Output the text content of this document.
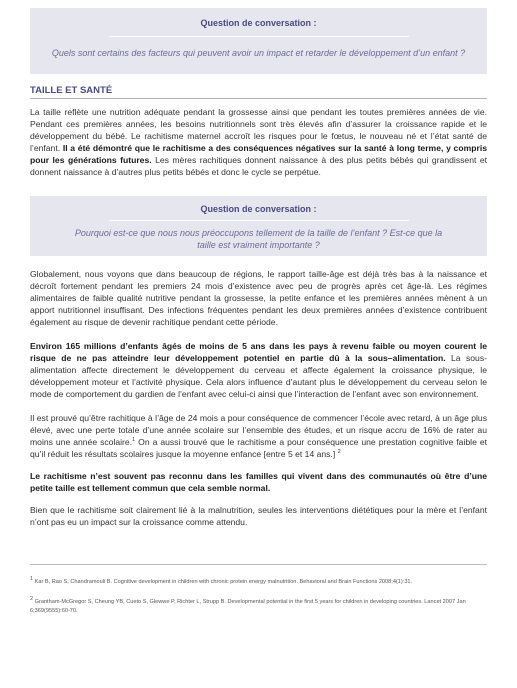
Question de conversation :
Quels sont certains des facteurs qui peuvent avoir un impact et retarder le développement d’un enfant ?
TAILLE ET SANTÉ
La taille reflète une nutrition adéquate pendant la grossesse ainsi que pendant les toutes premières années de vie. Pendant ces premières années, les besoins nutritionnels sont très élevés afin d’assurer la croissance rapide et le développement du bébé. Le rachitisme maternel accroît les risques pour le fœtus, le nouveau né et l’état santé de l’enfant. Il a été démontré que le rachitisme a des conséquences négatives sur la santé à long terme, y compris pour les générations futures. Les mères rachitiques donnent naissance à des plus petits bébés qui grandissent et donnent naissance à d’autres plus petits bébés et donc le cycle se perpétue.
Question de conversation :
Pourquoi est-ce que nous nous préoccupons tellement de la taille de l’enfant ? Est-ce que la taille est vraiment importante ?
Globalement, nous voyons que dans beaucoup de régions, le rapport taille-âge est déjà très bas à la naissance et décroît fortement pendant les premiers 24 mois d’existence avec peu de progrès après cet âge-là. Les régimes alimentaires de faible qualité nutritive pendant la grossesse, la petite enfance et les premières années mènent à un apport nutritionnel insuffisant. Des infections fréquentes pendant les deux premières années d’existence contribuent également au risque de devenir rachitique pendant cette période.
Environ 165 millions d’enfants âgés de moins de 5 ans dans les pays à revenu faible ou moyen courent le risque de ne pas atteindre leur développement potentiel en partie dû à la sous–alimentation. La sous-alimentation affecte directement le développement du cerveau et affecte également la croissance physique, le développement moteur et l’activité physique. Cela alors influence d’autant plus le développement du cerveau selon le mode de comportement du gardien de l’enfant avec celui-ci ainsi que l’interaction de l’enfant avec son environnement.
Il est prouvé qu’être rachitique à l’âge de 24 mois a pour conséquence de commencer l’école avec retard, à un âge plus élevé, avec une perte totale d’une année scolaire sur l’ensemble des études, et un risque accru de 16% de rater au moins une année scolaire.$^1$ On a aussi trouvé que le rachitisme a pour conséquence une prestation cognitive faible et qu’il réduit les résultats scolaires jusque la moyenne enfance [entre 5 et 14 ans.] $^2$
Le rachitisme n’est souvent pas reconnu dans les familles qui vivent dans des communautés où être d’une petite taille est tellement commun que cela semble normal.
Bien que le rachitisme soit clairement lié à la malnutrition, seules les interventions diététiques pour la mère et l’enfant n’ont pas eu un impact sur la croissance comme attendu.
$^1$ Kar B, Rao S, Chandramouli B. Cognitive development in children with chronic protein energy malnutrition. Behavioral and Brain Functions 2008;4(1):31.
$^2$ Grantham-McGregor S, Cheung YB, Cueto S, Glewwe P, Richter L, Strupp B. Developmental potential in the first 5 years for children in developing countries. Lancet 2007 Jan 6;369(9555):60-70.
